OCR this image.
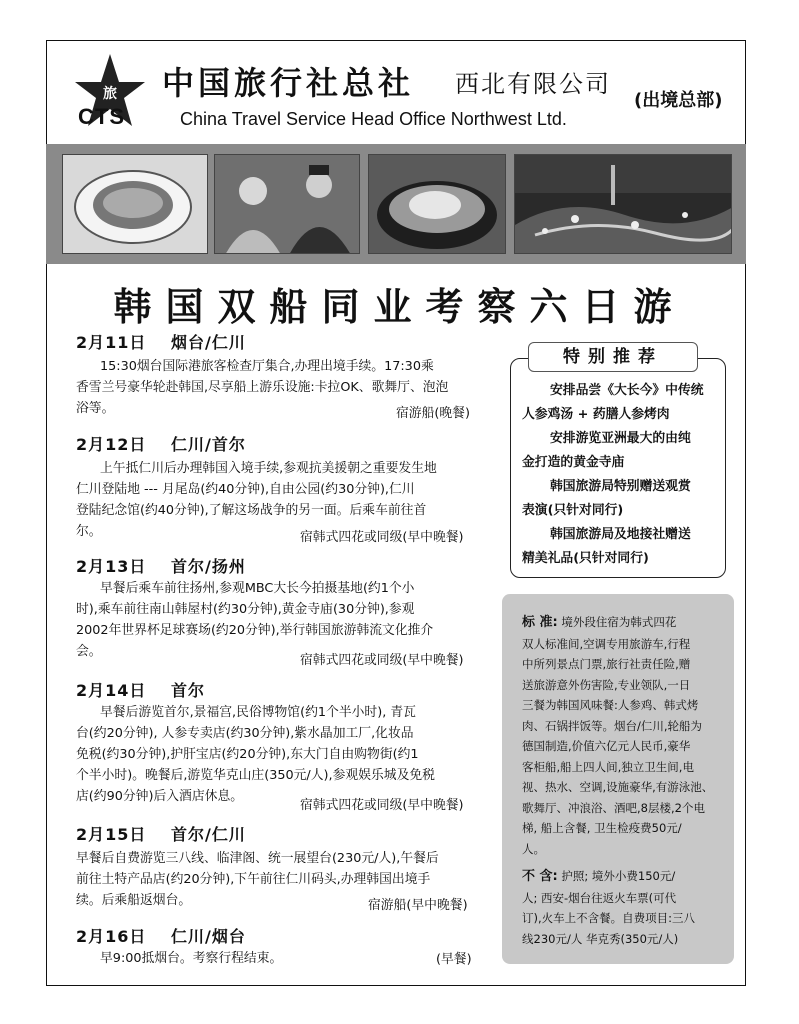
旅
CTS
中国旅行社总社 西北有限公司
(出境总部)
China Travel Service Head Office Northwest Ltd.
韩国双船同业考察六日游
2月11日 烟台/仁川

15:30烟台国际港旅客检查厅集合,办理出境手续。17:30乘

香雪兰号豪华轮赴韩国,尽享船上游乐设施:卡拉OK、歌舞厅、泡泡

浴等。	宿游船(晚餐)
2月12日 仁川/首尔

上午抵仁川后办理韩国入境手续,参观抗美援朝之重要发生地

仁川登陆地 --- 月尾岛(约40分钟),自由公园(约30分钟),仁川

登陆纪念馆(约40分钟),了解这场战争的另一面。后乘车前往首

尔。	宿韩式四花或同级(早中晚餐)
2月13日 首尔/扬州

早餐后乘车前往扬州,参观MBC大长今拍摄基地(约1个小

时),乘车前往南山韩屋村(约30分钟),黄金寺庙(30分钟),参观

2002年世界杯足球赛场(约20分钟),举行韩国旅游韩流文化推介

会。

宿韩式四花或同级(早中晚餐)
2月14日 首尔

早餐后游览首尔,景福宫,民俗博物馆(约1个半小时), 青瓦

台(约20分钟), 人参专卖店(约30分钟),紫水晶加工厂,化妆品

免税(约30分钟),护肝宝店(约20分钟),东大门自由购物街(约1

个半小时)。晚餐后,游览华克山庄(350元/人),参观娱乐城及免税

店(约90分钟)后入酒店休息。

宿韩式四花或同级(早中晚餐)
2月15日 首尔/仁川

早餐后自费游览三八线、临津阁、统一展望台(230元/人),午餐后

前往土特产品店(约20分钟),下午前往仁川码头,办理韩国出境手

续。后乘船返烟台。	宿游船(早中晚餐)
2月16日 仁川/烟台

早9:00抵烟台。考察行程结束。	(早餐)
特别推荐
安排品尝《大长今》中传统
人参鸡汤 + 药膳人参烤肉
安排游览亚洲最大的由纯
金打造的黄金寺庙
韩国旅游局特别赠送观赏
表演(只针对同行)
韩国旅游局及地接社赠送
精美礼品(只针对同行)
标 准: 境外段住宿为韩式四花
双人标准间,空调专用旅游车,行程
中所列景点门票,旅行社责任险,赠
送旅游意外伤害险,专业领队,一日
三餐为韩国风味餐:人参鸡、韩式烤
肉、石锅拌饭等。烟台/仁川,轮船为
德国制造,价值六亿元人民币,豪华
客柜船,船上四人间,独立卫生间,电
视、热水、空调,设施豪华,有游泳池、
歌舞厅、冲浪浴、酒吧,8层楼,2个电
梯, 船上含餐, 卫生检疫费50元/
人。
不 含: 护照; 境外小费150元/
人; 西安-烟台往返火车票(可代
订),火车上不含餐。自费项目:三八
线230元/人 华克秀(350元/人)
